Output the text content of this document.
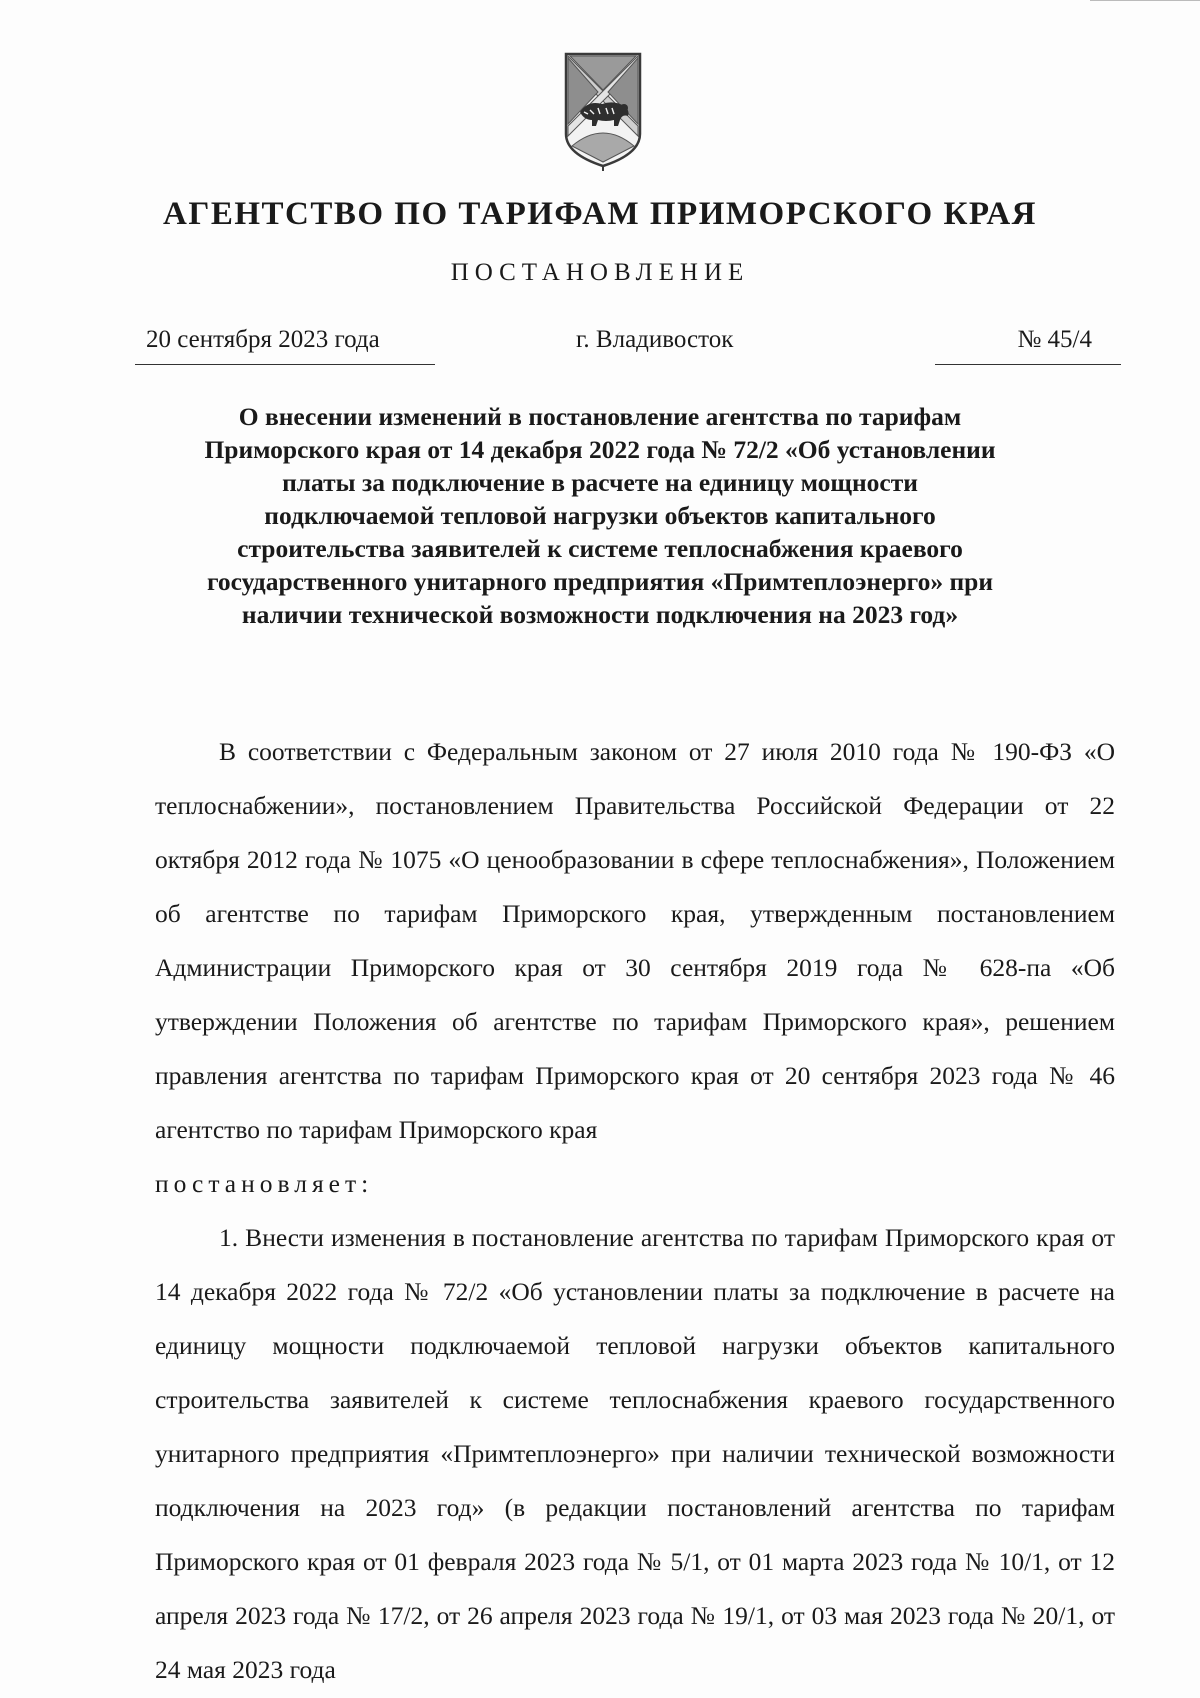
АГЕНТСТВО ПО ТАРИФАМ ПРИМОРСКОГО КРАЯ
ПОСТАНОВЛЕНИЕ
20 сентября 2023 года	г. Владивосток	№ 45/4

О внесении изменений в постановление агентства по тарифам Приморского края от 14 декабря 2022 года № 72/2 «Об установлении платы за подключение в расчете на единицу мощности подключаемой тепловой нагрузки объектов капитального строительства заявителей к системе теплоснабжения краевого государственного унитарного предприятия «Примтеплоэнерго» при наличии технической возможности подключения на 2023 год»

В соответствии с Федеральным законом от 27 июля 2010 года № 190-ФЗ «О теплоснабжении», постановлением Правительства Российской Федерации от 22 октября 2012 года № 1075 «О ценообразовании в сфере теплоснабжения», Положением об агентстве по тарифам Приморского края, утвержденным постановлением Администрации Приморского края от 30 сентября 2019 года № 628-па «Об утверждении Положения об агентстве по тарифам Приморского края», решением правления агентства по тарифам Приморского края от 20 сентября 2023 года № 46 агентство по тарифам Приморского края
постановляет:

1. Внести изменения в постановление агентства по тарифам Приморского края от 14 декабря 2022 года № 72/2 «Об установлении платы за подключение в расчете на единицу мощности подключаемой тепловой нагрузки объектов капитального строительства заявителей к системе теплоснабжения краевого государственного унитарного предприятия «Примтеплоэнерго» при наличии технической возможности подключения на 2023 год» (в редакции постановлений агентства по тарифам Приморского края от 01 февраля 2023 года № 5/1, от 01 марта 2023 года № 10/1, от 12 апреля 2023 года № 17/2, от 26 апреля 2023 года № 19/1, от 03 мая 2023 года № 20/1, от 24 мая 2023 года
